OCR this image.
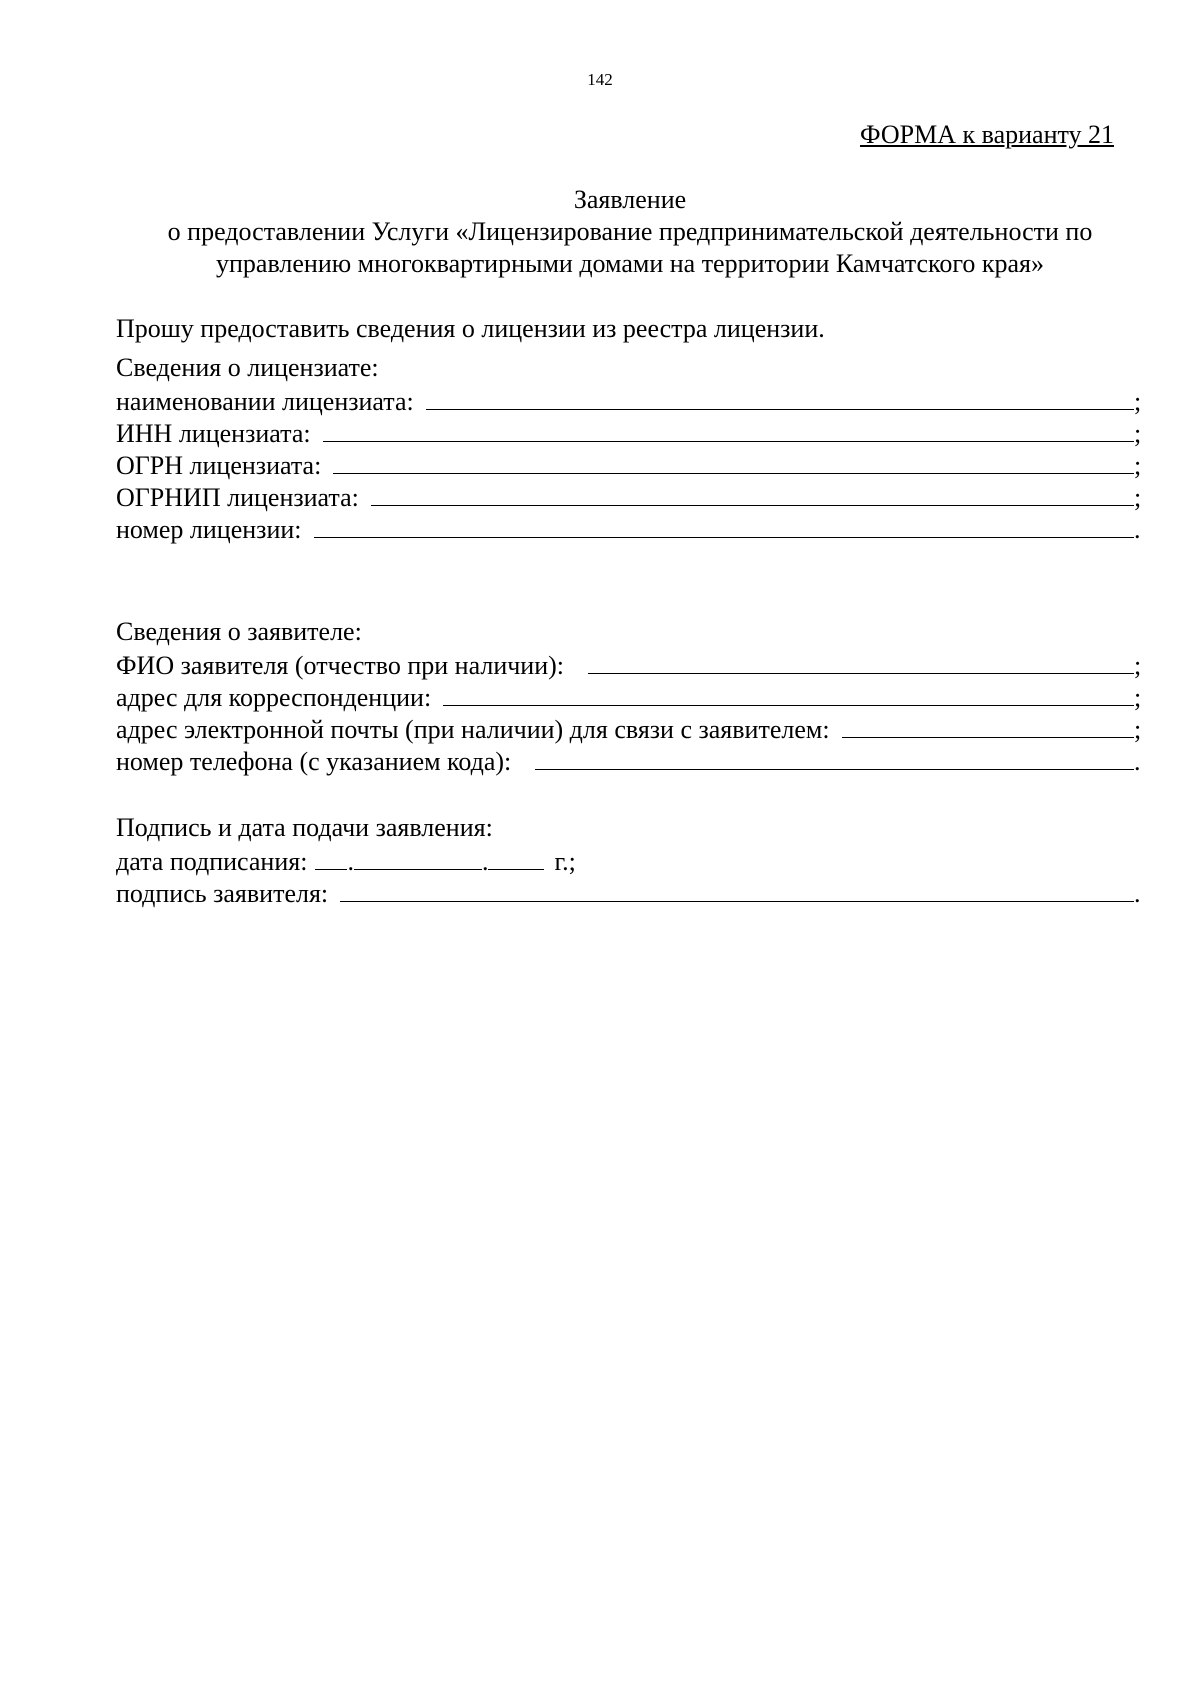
142
ФОРМА к варианту 21
Заявление
о предоставлении Услуги «Лицензирование предпринимательской деятельности по
управлению многоквартирными домами на территории Камчатского края»
Прошу предоставить сведения о лицензии из реестра лицензии.
Сведения о лицензиате:
наименовании лицензиата:	;
ИНН лицензиата:	;
ОГРН лицензиата:	;
ОГРНИП лицензиата:	;
номер лицензии:	.
Сведения о заявителе:
ФИО заявителя (отчество при наличии):	;
адрес для корреспонденции:	;
адрес электронной почты (при наличии) для связи с заявителем:	;
номер телефона (с указанием кода):	.
Подпись и дата подачи заявления:
дата подписания:	.	.	г.;
подпись заявителя:	.
